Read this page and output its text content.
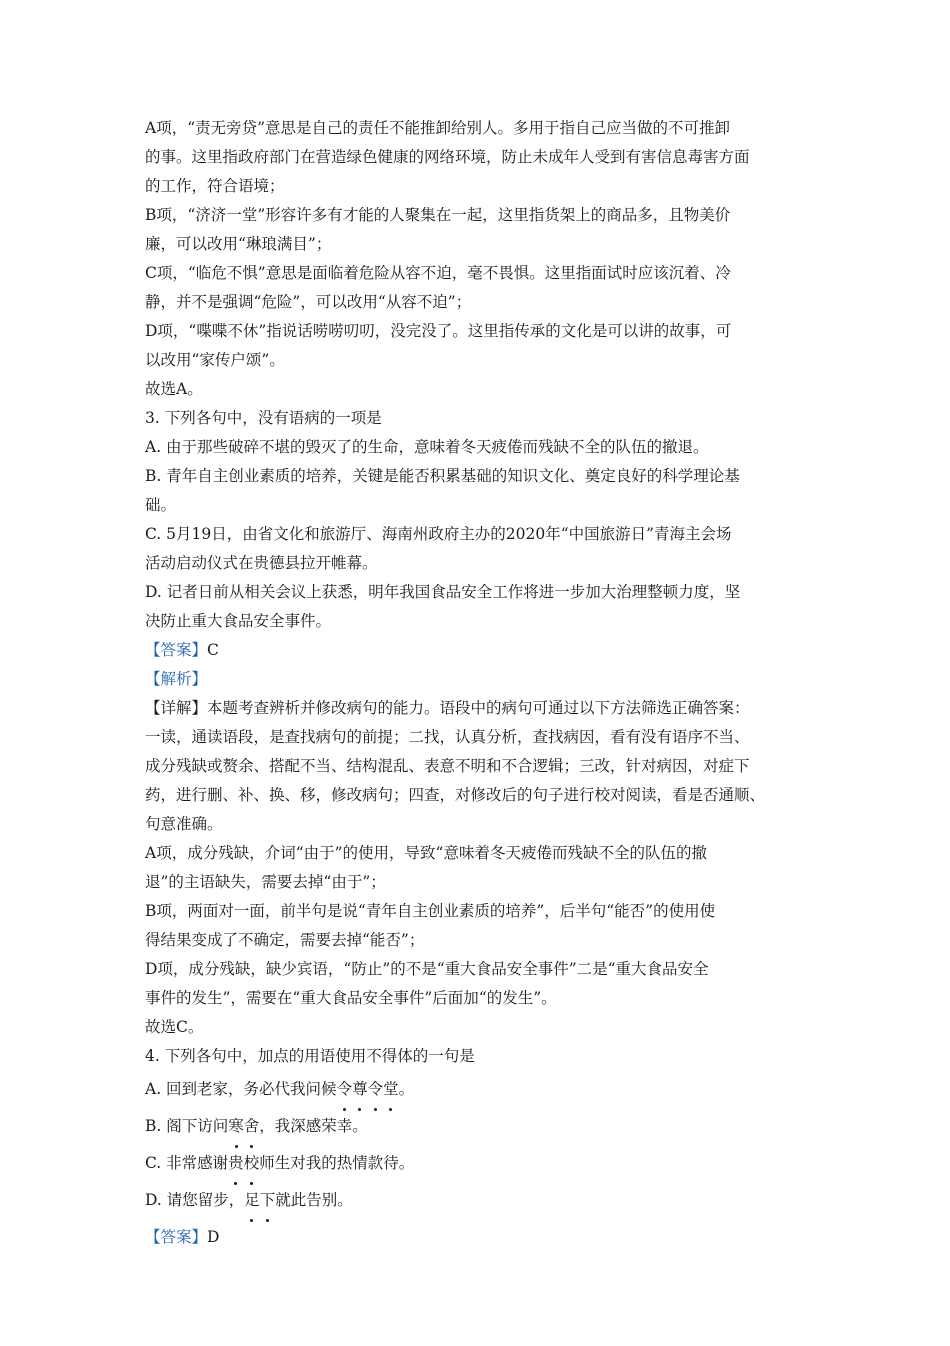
A项，“责无旁贷”意思是自己的责任不能推卸给别人。多用于指自己应当做的不可推卸

的事。这里指政府部门在营造绿色健康的网络环境，防止未成年人受到有害信息毒害方面

的工作，符合语境；

B项，“济济一堂”形容许多有才能的人聚集在一起，这里指货架上的商品多，且物美价

廉，可以改用“琳琅满目”；

C项，“临危不惧”意思是面临着危险从容不迫，毫不畏惧。这里指面试时应该沉着、冷

静，并不是强调“危险”，可以改用“从容不迫”；

D项，“喋喋不休”指说话唠唠叨叨，没完没了。这里指传承的文化是可以讲的故事，可

以改用“家传户颂”。

故选A。

3. 下列各句中，没有语病的一项是

A. 由于那些破碎不堪的毁灭了的生命，意味着冬天疲倦而残缺不全的队伍的撤退。

B. 青年自主创业素质的培养，关键是能否积累基础的知识文化、奠定良好的科学理论基

础。

C. 5月19日，由省文化和旅游厅、海南州政府主办的2020年“中国旅游日”青海主会场

活动启动仪式在贵德县拉开帷幕。

D. 记者日前从相关会议上获悉，明年我国食品安全工作将进一步加大治理整顿力度，坚

决防止重大食品安全事件。

【答案】C

【解析】

【详解】本题考查辨析并修改病句的能力。语段中的病句可通过以下方法筛选正确答案：

一读，通读语段，是查找病句的前提；二找，认真分析，查找病因，看有没有语序不当、

成分残缺或赘余、搭配不当、结构混乱、表意不明和不合逻辑；三改，针对病因，对症下

药，进行删、补、换、移，修改病句；四查，对修改后的句子进行校对阅读，看是否通顺、

句意准确。

A项，成分残缺，介词“由于”的使用，导致“意味着冬天疲倦而残缺不全的队伍的撤

退”的主语缺失，需要去掉“由于”；

B项，两面对一面，前半句是说“青年自主创业素质的培养”，后半句“能否”的使用使

得结果变成了不确定，需要去掉“能否”；

D项，成分残缺，缺少宾语，“防止”的不是“重大食品安全事件”二是“重大食品安全

事件的发生”，需要在“重大食品安全事件”后面加“的发生”。

故选C。

4. 下列各句中，加点的用语使用不得体的一句是

A. 回到老家，务必代我问候令尊令堂。

B. 阁下访问寒舍，我深感荣幸。

C. 非常感谢贵校师生对我的热情款待。

D. 请您留步，足下就此告别。

【答案】D
